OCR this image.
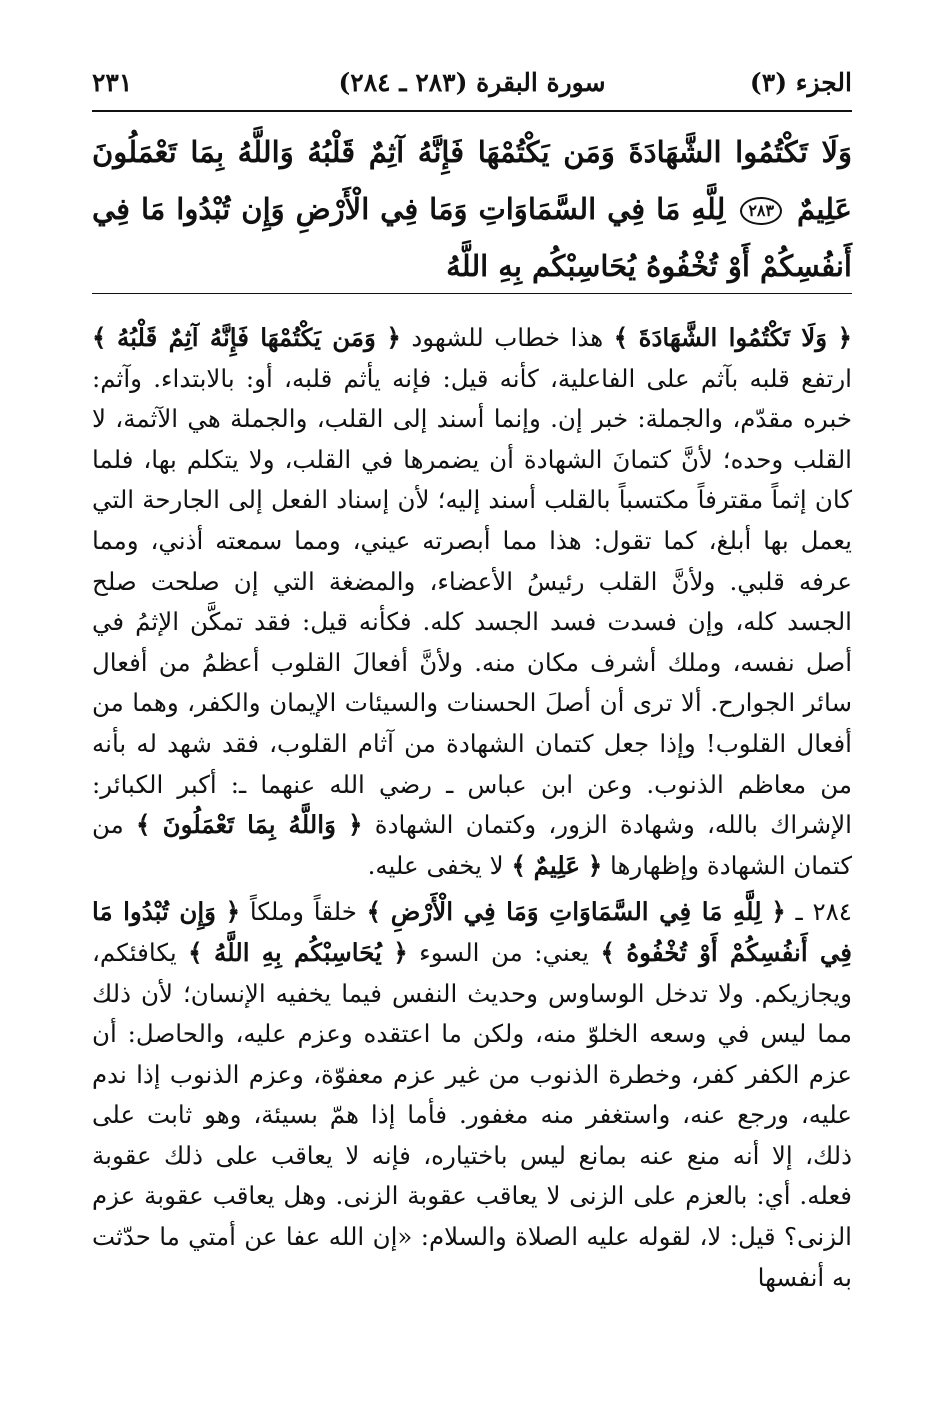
الجزء (٣)
سورة البقرة (٢٨٣ ـ ٢٨٤)
٢٣١
وَلَا تَكْتُمُوا الشَّهَادَةَ وَمَن يَكْتُمْهَا فَإِنَّهُ آثِمٌ قَلْبُهُ وَاللَّهُ بِمَا تَعْمَلُونَ عَلِيمٌ ٢٨٣ لِلَّهِ مَا فِي السَّمَاوَاتِ وَمَا فِي الْأَرْضِ وَإِن تُبْدُوا مَا فِي أَنفُسِكُمْ أَوْ تُخْفُوهُ يُحَاسِبْكُم بِهِ اللَّهُ

﴿ وَلَا تَكْتُمُوا الشَّهَادَةَ ﴾ هذا خطاب للشهود ﴿ وَمَن يَكْتُمْهَا فَإِنَّهُ آثِمٌ قَلْبُهُ ﴾ ارتفع قلبه بآثم على الفاعلية، كأنه قيل: فإنه يأثم قلبه، أو: بالابتداء. وآثم: خبره مقدّم، والجملة: خبر إن. وإنما أسند إلى القلب، والجملة هي الآثمة، لا القلب وحده؛ لأنَّ كتمانَ الشهادة أن يضمرها في القلب، ولا يتكلم بها، فلما كان إثماً مقترفاً مكتسباً بالقلب أسند إليه؛ لأن إسناد الفعل إلى الجارحة التي يعمل بها أبلغ، كما تقول: هذا مما أبصرته عيني، ومما سمعته أذني، ومما عرفه قلبي. ولأنَّ القلب رئيسُ الأعضاء، والمضغة التي إن صلحت صلح الجسد كله، وإن فسدت فسد الجسد كله. فكأنه قيل: فقد تمكَّن الإثمُ في أصل نفسه، وملك أشرف مكان منه. ولأنَّ أفعالَ القلوب أعظمُ من أفعال سائر الجوارح. ألا ترى أن أصلَ الحسنات والسيئات الإيمان والكفر، وهما من أفعال القلوب! وإذا جعل كتمان الشهادة من آثام القلوب، فقد شهد له بأنه من معاظم الذنوب. وعن ابن عباس ـ رضي الله عنهما ـ: أكبر الكبائر: الإشراك بالله، وشهادة الزور، وكتمان الشهادة ﴿ وَاللَّهُ بِمَا تَعْمَلُونَ ﴾ من كتمان الشهادة وإظهارها ﴿ عَلِيمٌ ﴾ لا يخفى عليه.

٢٨٤ ـ ﴿ لِلَّهِ مَا فِي السَّمَاوَاتِ وَمَا فِي الْأَرْضِ ﴾ خلقاً وملكاً ﴿ وَإِن تُبْدُوا مَا فِي أَنفُسِكُمْ أَوْ تُخْفُوهُ ﴾ يعني: من السوء ﴿ يُحَاسِبْكُم بِهِ اللَّهُ ﴾ يكافئكم، ويجازيكم. ولا تدخل الوساوس وحديث النفس فيما يخفيه الإنسان؛ لأن ذلك مما ليس في وسعه الخلوّ منه، ولكن ما اعتقده وعزم عليه، والحاصل: أن عزم الكفر كفر، وخطرة الذنوب من غير عزم معفوّة، وعزم الذنوب إذا ندم عليه، ورجع عنه، واستغفر منه مغفور. فأما إذا همّ بسيئة، وهو ثابت على ذلك، إلا أنه منع عنه بمانع ليس باختياره، فإنه لا يعاقب على ذلك عقوبة فعله. أي: بالعزم على الزنى لا يعاقب عقوبة الزنى. وهل يعاقب عقوبة عزم الزنى؟ قيل: لا، لقوله عليه الصلاة والسلام: «إن الله عفا عن أمتي ما حدّثت به أنفسها
